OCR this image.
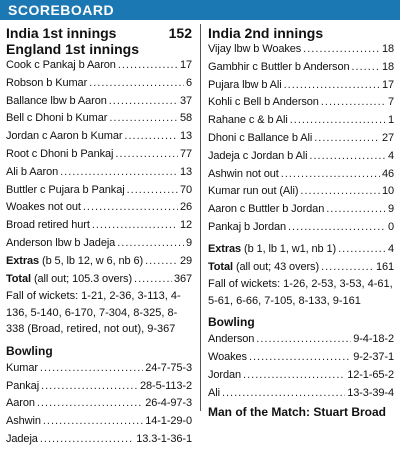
SCOREBOARD
India 1st innings	152
England 1st innings
Cook c Pankaj b Aaron .....	17
Robson b Kumar .....	6
Ballance lbw b Aaron .....	37
Bell c Dhoni b Kumar .....	58
Jordan c Aaron b Kumar .....	13
Root c Dhoni b Pankaj .....	77
Ali b Aaron .....	13
Buttler c Pujara b Pankaj .....	70
Woakes not out .....	26
Broad retired hurt .....	12
Anderson lbw b Jadeja .....	9
Extras (b 5, lb 12, w 6, nb 6) .....	29
Total (all out; 105.3 overs) .....	367
Fall of wickets: 1-21, 2-36, 3-113, 4-136, 5-140, 6-170, 7-304, 8-325, 8-338 (Broad, retired, not out), 9-367
Bowling
Kumar .....	24-7-75-3
Pankaj .....	28-5-113-2
Aaron .....	26-4-97-3
Ashwin .....	14-1-29-0
Jadeja .....	13.3-1-36-1
India 2nd innings
Vijay lbw b Woakes .....	18
Gambhir c Buttler b Anderson .....	18
Pujara lbw b Ali .....	17
Kohli c Bell b Anderson .....	7
Rahane c & b Ali .....	1
Dhoni c Ballance b Ali .....	27
Jadeja c Jordan b Ali .....	4
Ashwin not out .....	46
Kumar run out (Ali) .....	10
Aaron c Buttler b Jordan .....	9
Pankaj b Jordan .....	0
Extras (b 1, lb 1, w1, nb 1) .....	4
Total (all out; 43 overs) .....	161
Fall of wickets: 1-26, 2-53, 3-53, 4-61, 5-61, 6-66, 7-105, 8-133, 9-161
Bowling
Anderson .....	9-4-18-2
Woakes .....	9-2-37-1
Jordan .....	12-1-65-2
Ali .....	13-3-39-4
Man of the Match: Stuart Broad
